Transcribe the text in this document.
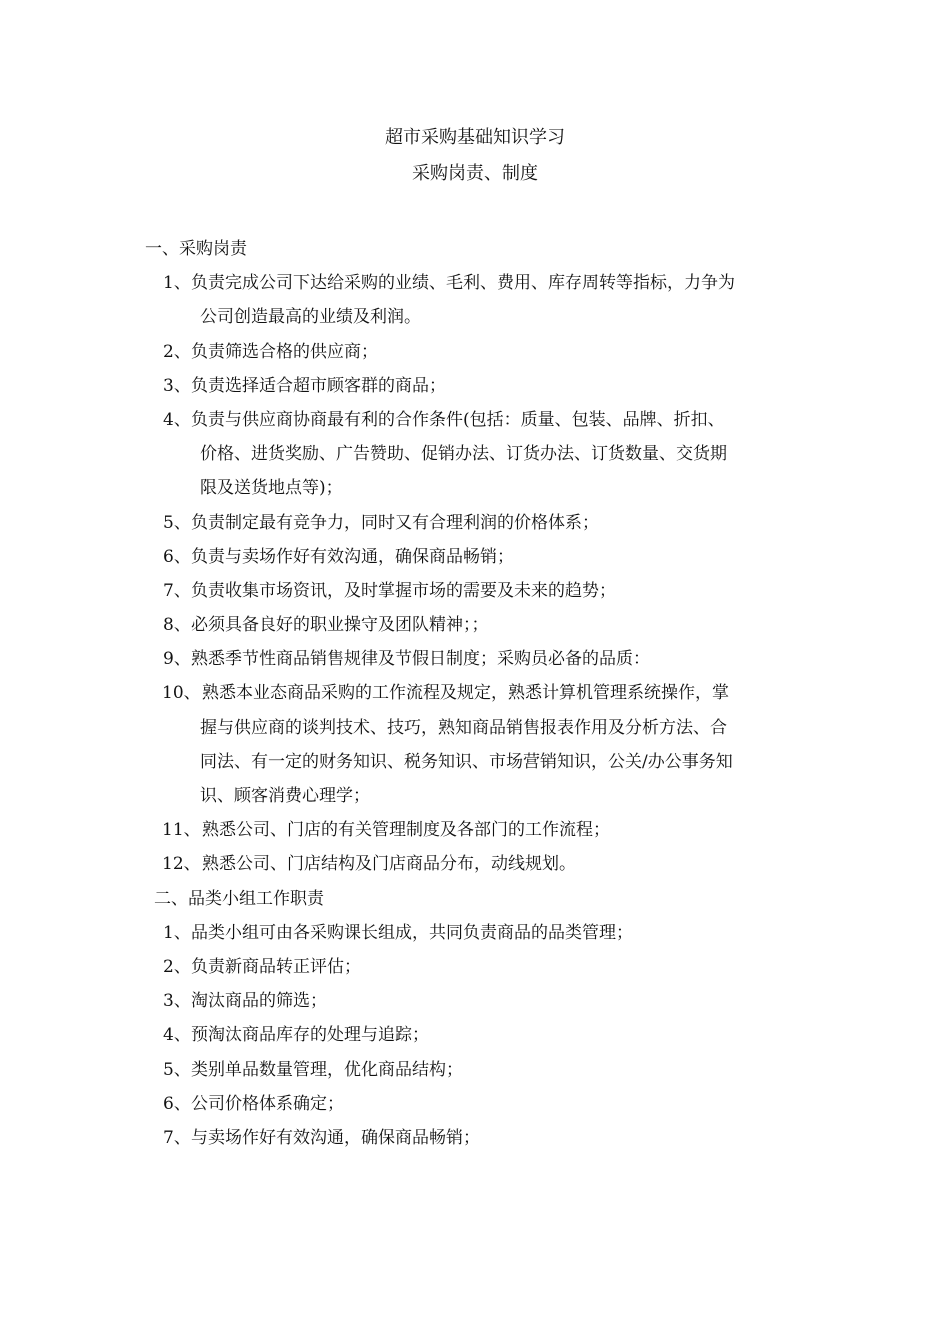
超市采购基础知识学习
采购岗责、制度
一、采购岗责
1、 负责完成公司下达给采购的业绩、毛利、费用、库存周转等指标，力争为
公司创造最高的业绩及利润。
2、 负责筛选合格的供应商；
3、 负责选择适合超市顾客群的商品；
4、 负责与供应商协商最有利的合作条件(包括：质量、包装、品牌、折扣、
价格、进货奖励、广告赞助、促销办法、订货办法、订货数量、交货期
限及送货地点等)；
5、 负责制定最有竞争力，同时又有合理利润的价格体系；
6、 负责与卖场作好有效沟通，确保商品畅销；
7、 负责收集市场资讯，及时掌握市场的需要及未来的趋势；
8、 必须具备良好的职业操守及团队精神；；
9、 熟悉季节性商品销售规律及节假日制度；采购员必备的品质：
10、 熟悉本业态商品采购的工作流程及规定，熟悉计算机管理系统操作，掌
握与供应商的谈判技术、技巧，熟知商品销售报表作用及分析方法、合
同法、有一定的财务知识、税务知识、市场营销知识，公关/办公事务知
识、顾客消费心理学；
11、 熟悉公司、门店的有关管理制度及各部门的工作流程；
12、 熟悉公司、门店结构及门店商品分布，动线规划。
二、品类小组工作职责
1、 品类小组可由各采购课长组成，共同负责商品的品类管理；
2、 负责新商品转正评估；
3、 淘汰商品的筛选；
4、 预淘汰商品库存的处理与追踪；
5、 类别单品数量管理，优化商品结构；
6、 公司价格体系确定；
7、 与卖场作好有效沟通，确保商品畅销；
